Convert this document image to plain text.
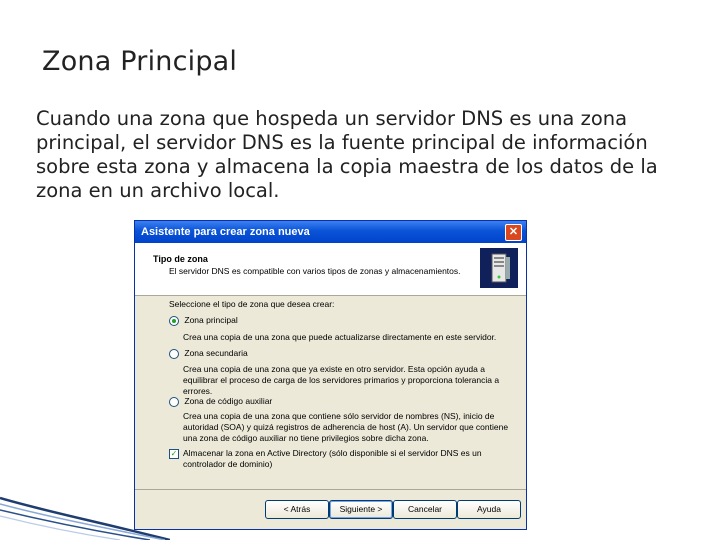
Zona Principal
Cuando una zona que hospeda un servidor DNS es una zona principal, el servidor DNS es la fuente principal de información sobre esta zona y almacena la copia maestra de los datos de la zona en un archivo local.
Asistente para crear zona nueva	✕
Tipo de zona
El servidor DNS es compatible con varios tipos de zonas y almacenamientos.
Seleccione el tipo de zona que desea crear:
Zona principal
Crea una copia de una zona que puede actualizarse directamente en este servidor.
Zona secundaria
Crea una copia de una zona que ya existe en otro servidor. Esta opción ayuda a equilibrar el proceso de carga de los servidores primarios y proporciona tolerancia a errores.
Zona de código auxiliar
Crea una copia de una zona que contiene sólo servidor de nombres (NS), inicio de autoridad (SOA) y quizá registros de adherencia de host (A). Un servidor que contiene una zona de código auxiliar no tiene privilegios sobre dicha zona.
✓ Almacenar la zona en Active Directory (sólo disponible si el servidor DNS es un controlador de dominio)
< Atrás	Siguiente >	Cancelar	Ayuda
